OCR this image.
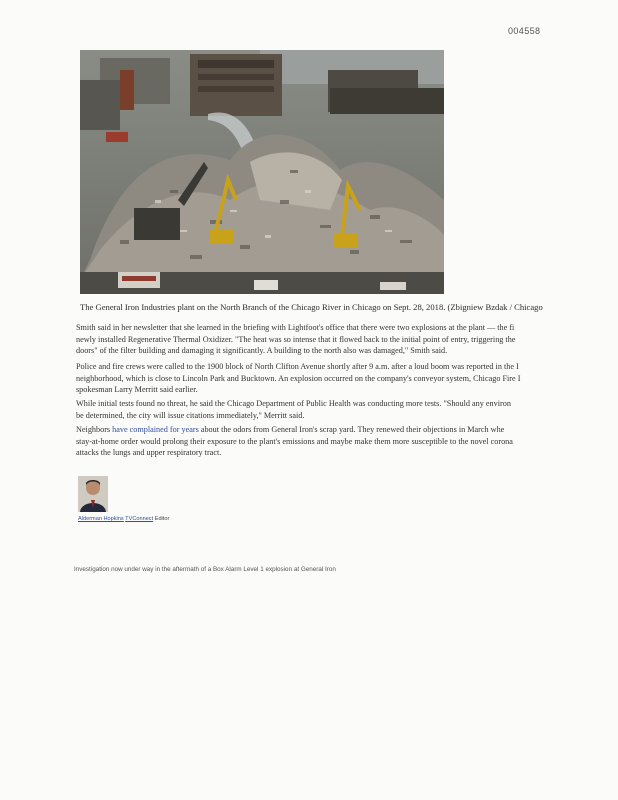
004558
The General Iron Industries plant on the North Branch of the Chicago River in Chicago on Sept. 28, 2018. (Zbigniew Bzdak / Chicago
Smith said in her newsletter that she learned in the briefing with Lightfoot's office that there were two explosions at the plant — the fi
newly installed Regenerative Thermal Oxidizer. "The heat was so intense that it flowed back to the initial point of entry, triggering the
doors" of the filter building and damaging it significantly. A building to the north also was damaged," Smith said.
Police and fire crews were called to the 1900 block of North Clifton Avenue shortly after 9 a.m. after a loud boom was reported in the I
neighborhood, which is close to Lincoln Park and Bucktown. An explosion occurred on the company's conveyor system, Chicago Fire I
spokesman Larry Merritt said earlier.
While initial tests found no threat, he said the Chicago Department of Public Health was conducting more tests. "Should any environ
be determined, the city will issue citations immediately," Merritt said.
Neighbors have complained for years about the odors from General Iron's scrap yard. They renewed their objections in March whe
stay-at-home order would prolong their exposure to the plant's emissions and maybe make them more susceptible to the novel corona
attacks the lungs and upper respiratory tract.
Alderman Hopkins TVConnect Editor
Investigation now under way in the aftermath of a Box Alarm Level 1 explosion at General Iron
